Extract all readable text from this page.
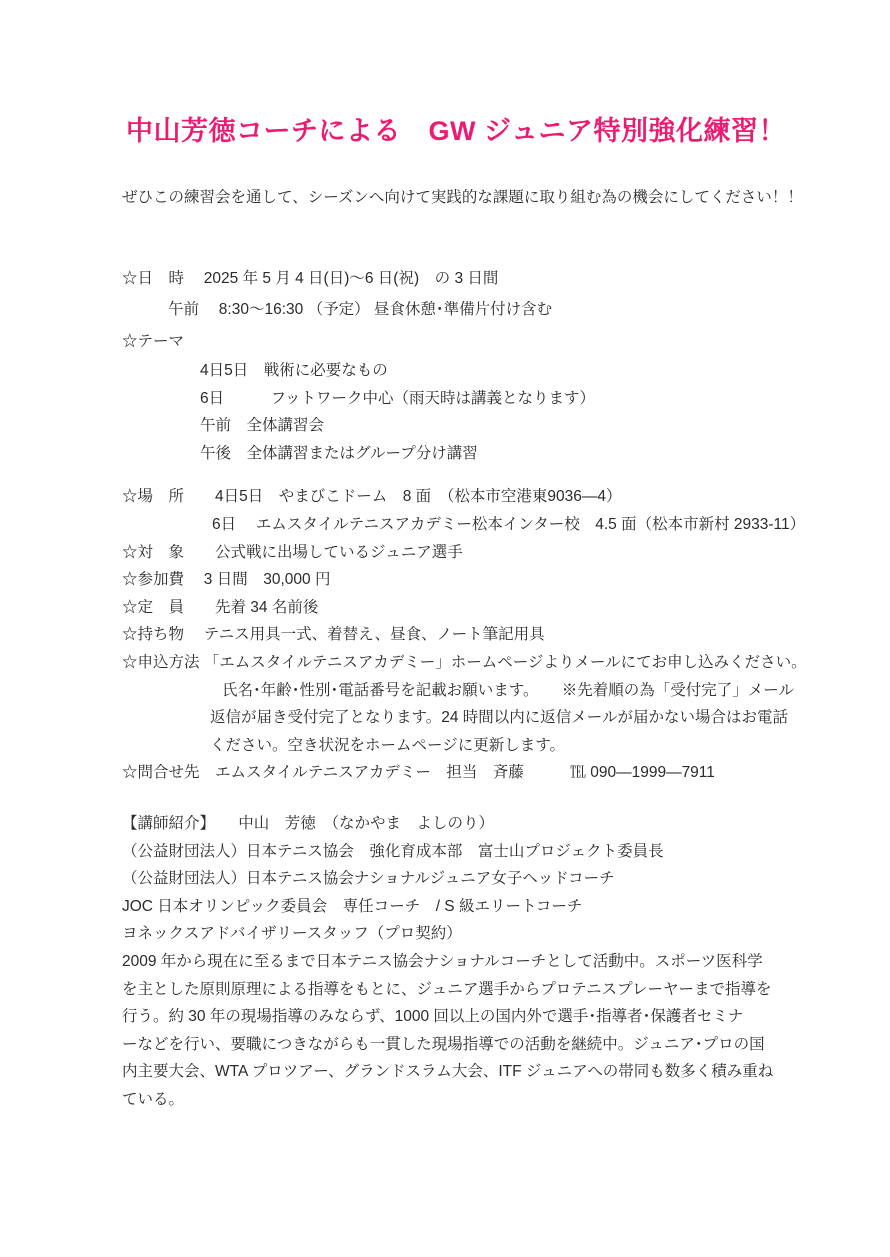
中山芳徳コーチによる　GW ジュニア特別強化練習！
ぜひこの練習会を通して、シーズンへ向けて実践的な課題に取り組む為の機会にしてください！！
☆日　時　 2025 年 5 月 4 日(日)～6 日(祝)　の 3 日間
午前　 8:30～16:30 （予定） 昼食休憩･準備片付け含む
☆テーマ
4日5日　戦術に必要なもの
6日　　　フットワーク中心（雨天時は講義となります）
午前　全体講習会
午後　全体講習またはグループ分け講習
☆場　所　　4日5日　やまびこドーム　8 面　（松本市空港東9036—4）
6日　 エムスタイルテニスアカデミー松本インター校　4.5 面（松本市新村 2933-11）
☆対　象　　公式戦に出場しているジュニア選手
☆参加費　 3 日間　30,000 円
☆定　員　　先着 34 名前後
☆持ち物　 テニス用具一式、着替え、昼食、ノート筆記用具
☆申込方法 「エムスタイルテニスアカデミー」ホームページよりメールにてお申し込みください。
氏名･年齢･性別･電話番号を記載お願います。　　※先着順の為「受付完了」メール
返信が届き受付完了となります。24 時間以内に返信メールが届かない場合はお電話
ください。空き状況をホームページに更新します。
☆問合せ先　エムスタイルテニスアカデミー　担当　斉藤　　　℡ 090—1999—7911
【講師紹介】　　中山　芳徳　（なかやま　よしのり）
（公益財団法人）日本テニス協会　強化育成本部　富士山プロジェクト委員長
（公益財団法人）日本テニス協会ナショナルジュニア女子ヘッドコーチ
JOC 日本オリンピック委員会　専任コーチ　/ S 級エリートコーチ
ヨネックスアドバイザリースタッフ（プロ契約）
2009 年から現在に至るまで日本テニス協会ナショナルコーチとして活動中。スポーツ医科学
を主とした原則原理による指導をもとに、ジュニア選手からプロテニスプレーヤーまで指導を
行う。約 30 年の現場指導のみならず、1000 回以上の国内外で選手･指導者･保護者セミナ
ーなどを行い、要職につきながらも一貫した現場指導での活動を継続中。ジュニア･プロの国
内主要大会、WTA プロツアー、グランドスラム大会、ITF ジュニアへの帯同も数多く積み重ね
ている。
